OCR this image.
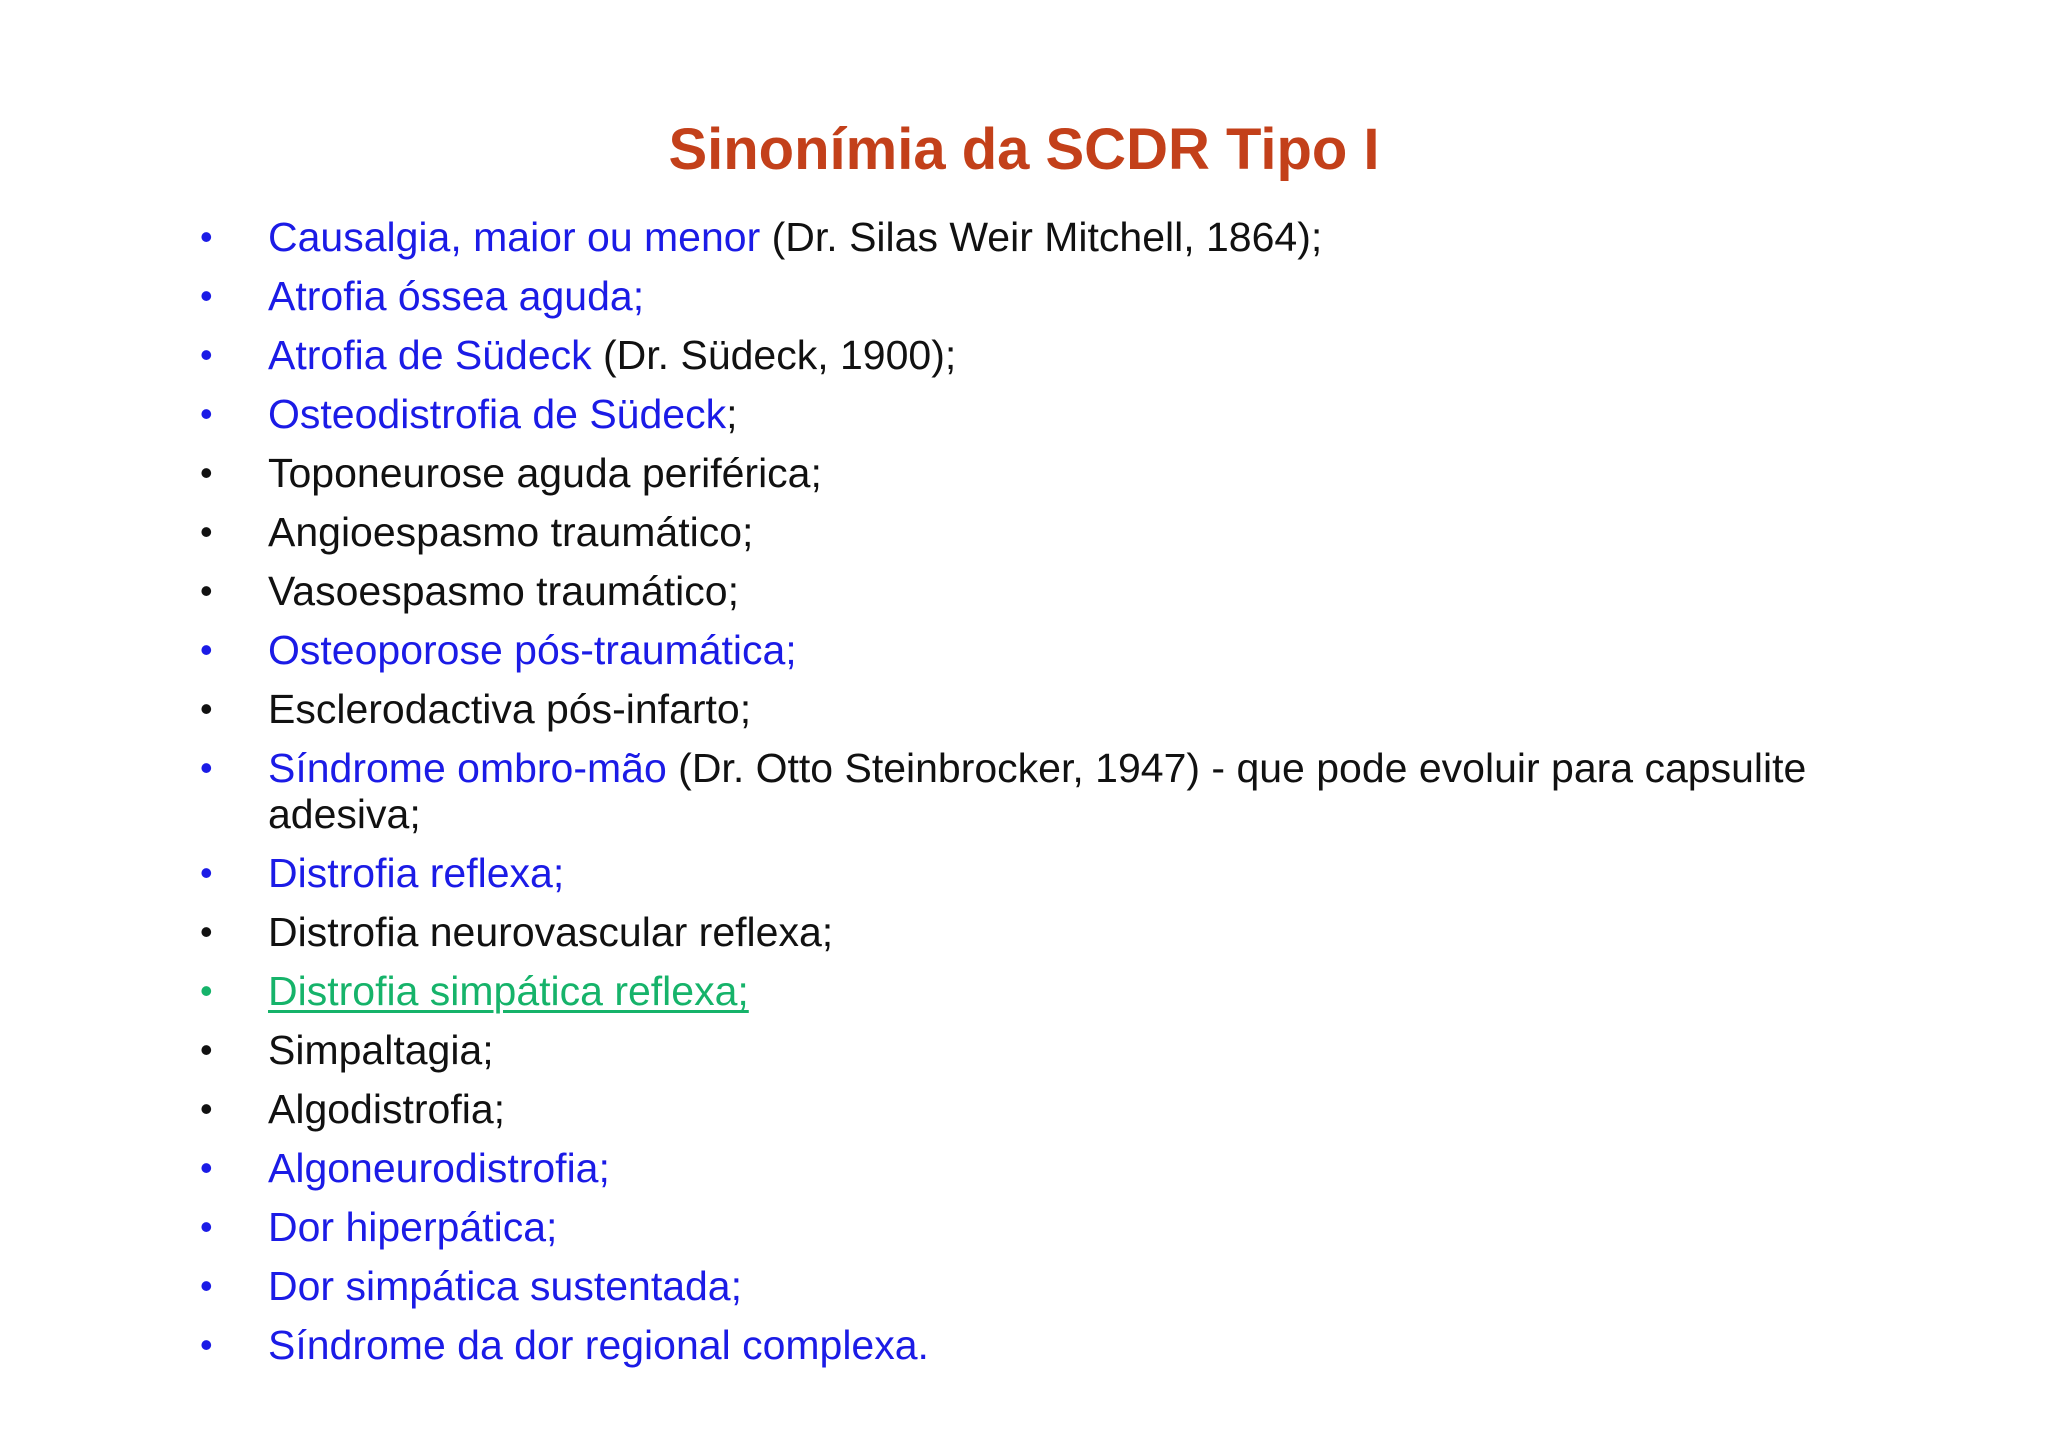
Sinonímia da SCDR Tipo I
•	Causalgia, maior ou menor (Dr. Silas Weir Mitchell, 1864);
•	Atrofia óssea aguda;
•	Atrofia de Südeck (Dr. Südeck, 1900);
•	Osteodistrofia de Südeck;
•	Toponeurose aguda periférica;
•	Angioespasmo traumático;
•	Vasoespasmo traumático;
•	Osteoporose pós-traumática;
•	Esclerodactiva pós-infarto;
•	Síndrome ombro-mão (Dr. Otto Steinbrocker, 1947) - que pode evoluir para capsulite adesiva;
•	Distrofia reflexa;
•	Distrofia neurovascular reflexa;
•	Distrofia simpática reflexa;
•	Simpaltagia;
•	Algodistrofia;
•	Algoneurodistrofia;
•	Dor hiperpática;
•	Dor simpática sustentada;
•	Síndrome da dor regional complexa.
